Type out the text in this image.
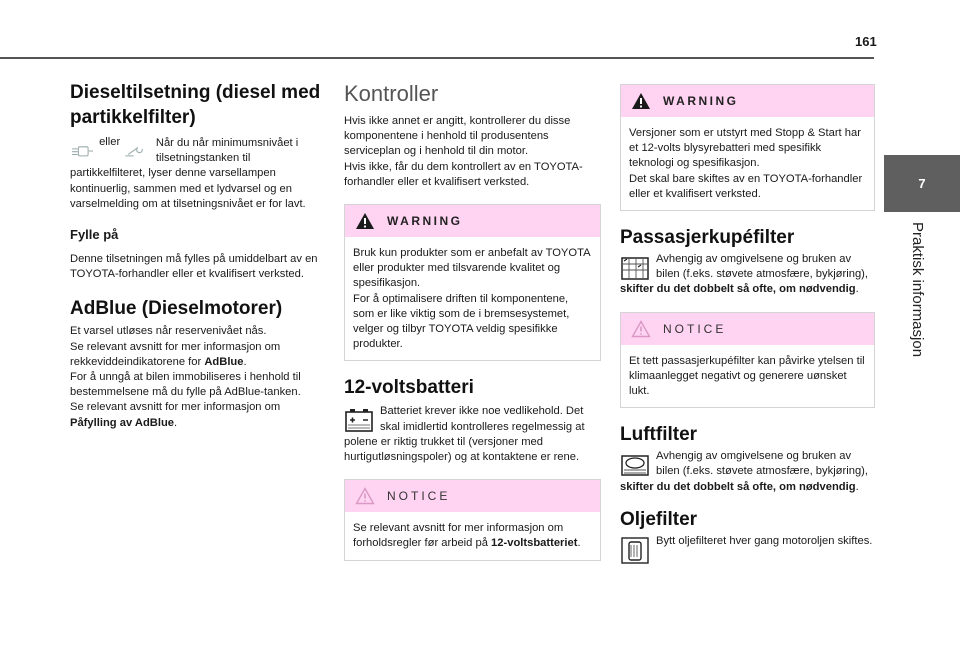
161
7
Praktisk informasjon
Dieseltilsetning (diesel med partikkelfilter)
eller	Når du når minimumsnivået i tilsetningstanken til

partikkelfilteret, lyser denne varsellampen kontinuerlig, sammen med et lydvarsel og en varselmelding om at tilsetningsnivået er for lavt.

Fylle på

Denne tilsetningen må fylles på umiddelbart av en TOYOTA-forhandler eller et kvalifisert verksted.

AdBlue (Dieselmotorer)

Et varsel utløses når reservenivået nås.

Se relevant avsnitt for mer informasjon om rekkeviddeindikatorene for AdBlue.

For å unngå at bilen immobiliseres i henhold til bestemmelsene må du fylle på AdBlue-tanken.

Se relevant avsnitt for mer informasjon om
Påfylling av AdBlue.

Kontroller

Hvis ikke annet er angitt, kontrollerer du disse komponentene i henhold til produsentens serviceplan og i henhold til din motor.

Hvis ikke, får du dem kontrollert av en TOYOTA-forhandler eller et kvalifisert verksted.

WARNING

Bruk kun produkter som er anbefalt av TOYOTA eller produkter med tilsvarende kvalitet og spesifikasjon.

For å optimalisere driften til komponentene, som er like viktig som de i bremsesystemet, velger og tilbyr TOYOTA veldig spesifikke produkter.

12-voltsbatteri

Batteriet krever ikke noe vedlikehold. Det skal imidlertid kontrolleres regelmessig at polene er riktig trukket til (versjoner med hurtigutløsningspoler) og at kontaktene er rene.

NOTICE

Se relevant avsnitt for mer informasjon om forholdsregler før arbeid på 12-voltsbatteriet.

WARNING

Versjoner som er utstyrt med Stopp & Start har et 12-volts blysyrebatteri med spesifikk teknologi og spesifikasjon.

Det skal bare skiftes av en TOYOTA-forhandler eller et kvalifisert verksted.

Passasjerkupéfilter

Avhengig av omgivelsene og bruken av bilen (f.eks. støvete atmosfære, bykjøring), skifter du det dobbelt så ofte, om nødvendig.

NOTICE

Et tett passasjerkupéfilter kan påvirke ytelsen til klimaanlegget negativt og generere uønsket lukt.

Luftfilter

Avhengig av omgivelsene og bruken av bilen (f.eks. støvete atmosfære, bykjøring), skifter du det dobbelt så ofte, om nødvendig.

Oljefilter

Bytt oljefilteret hver gang motoroljen skiftes.
